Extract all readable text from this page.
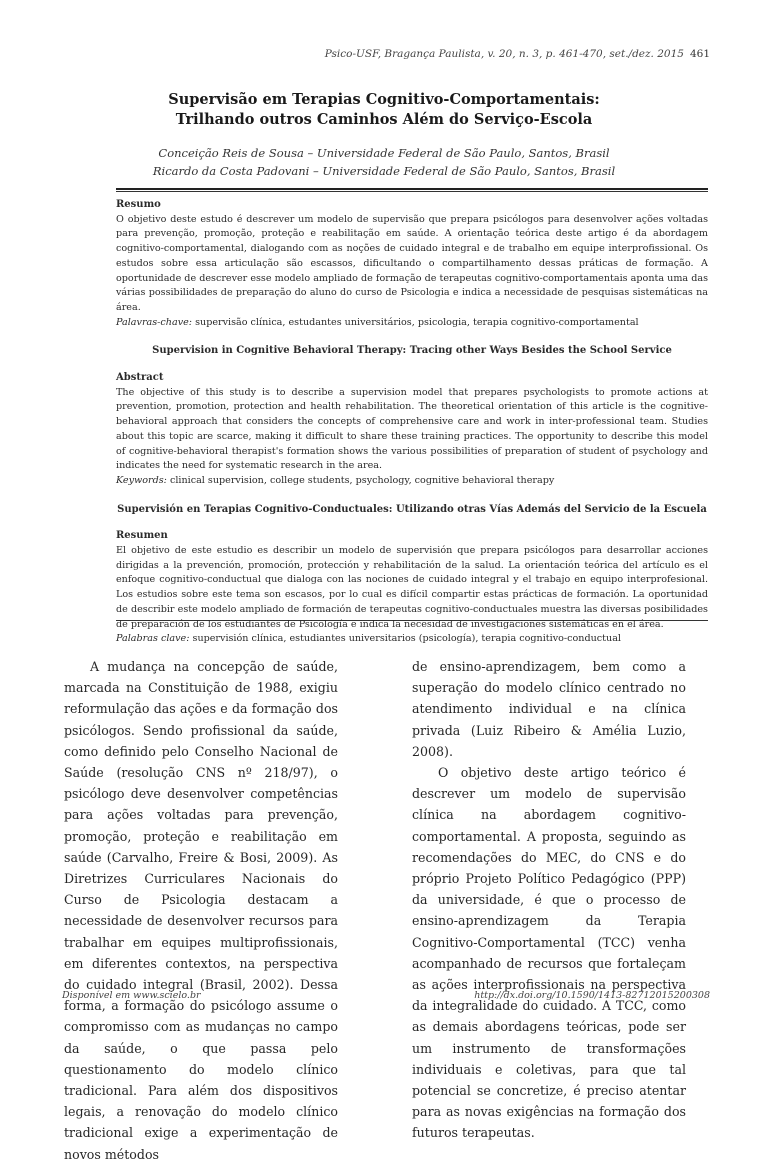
Psico-USF, Bragança Paulista, v. 20, n. 3, p. 461-470, set./dez. 2015 461
Supervisão em Terapias Cognitivo-Comportamentais:
Trilhando outros Caminhos Além do Serviço-Escola
Conceição Reis de Sousa – Universidade Federal de São Paulo, Santos, Brasil
Ricardo da Costa Padovani – Universidade Federal de São Paulo, Santos, Brasil
Resumo

O objetivo deste estudo é descrever um modelo de supervisão que prepara psicólogos para desenvolver ações voltadas para prevenção, promoção, proteção e reabilitação em saúde. A orientação teórica deste artigo é da abordagem cognitivo-comportamental, dialogando com as noções de cuidado integral e de trabalho em equipe interprofissional. Os estudos sobre essa articulação são escassos, dificultando o compartilhamento dessas práticas de formação. A oportunidade de descrever esse modelo ampliado de formação de terapeutas cognitivo-comportamentais aponta uma das várias possibilidades de preparação do aluno do curso de Psicologia e indica a necessidade de pesquisas sistemáticas na área.

Palavras-chave: supervisão clínica, estudantes universitários, psicologia, terapia cognitivo-comportamental

Supervision in Cognitive Behavioral Therapy: Tracing other Ways Besides the School Service
Abstract

The objective of this study is to describe a supervision model that prepares psychologists to promote actions at prevention, promotion, protection and health rehabilitation. The theoretical orientation of this article is the cognitive-behavioral approach that considers the concepts of comprehensive care and work in inter-professional team. Studies about this topic are scarce, making it difficult to share these training practices. The opportunity to describe this model of cognitive-behavioral therapist's formation shows the various possibilities of preparation of student of psychology and indicates the need for systematic research in the area.

Keywords: clinical supervision, college students, psychology, cognitive behavioral therapy

Supervisión en Terapias Cognitivo-Conductuales: Utilizando otras Vías Además del Servicio de la Escuela
Resumen

El objetivo de este estudio es describir un modelo de supervisión que prepara psicólogos para desarrollar acciones dirigidas a la prevención, promoción, protección y rehabilitación de la salud. La orientación teórica del artículo es el enfoque cognitivo-conductual que dialoga con las nociones de cuidado integral y el trabajo en equipo interprofesional. Los estudios sobre este tema son escasos, por lo cual es difícil compartir estas prácticas de formación. La oportunidad de describir este modelo ampliado de formación de terapeutas cognitivo-conductuales muestra las diversas posibilidades de preparación de los estudiantes de Psicología e indica la necesidad de investigaciones sistemáticas en el área.

Palabras clave: supervisión clínica, estudiantes universitarios (psicología), terapia cognitivo-conductual

A mudança na concepção de saúde, marcada na Constituição de 1988, exigiu reformulação das ações e da formação dos psicólogos. Sendo profissional da saúde, como definido pelo Conselho Nacional de Saúde (resolução CNS nº 218/97), o psicólogo deve desenvolver competências para ações voltadas para prevenção, promoção, proteção e reabilitação em saúde (Carvalho, Freire & Bosi, 2009). As Diretrizes Curriculares Nacionais do Curso de Psicologia destacam a necessidade de desenvolver recursos para trabalhar em equipes multiprofissionais, em diferentes contextos, na perspectiva do cuidado integral (Brasil, 2002). Dessa forma, a formação do psicólogo assume o compromisso com as mudanças no campo da saúde, o que passa pelo questionamento do modelo clínico tradicional. Para além dos dispositivos legais, a renovação do modelo clínico tradicional exige a experimentação de novos métodos

de ensino-aprendizagem, bem como a superação do modelo clínico centrado no atendimento individual e na clínica privada (Luiz Ribeiro & Amélia Luzio, 2008).

O objetivo deste artigo teórico é descrever um modelo de supervisão clínica na abordagem cognitivo-comportamental. A proposta, seguindo as recomendações do MEC, do CNS e do próprio Projeto Político Pedagógico (PPP) da universidade, é que o processo de ensino-aprendizagem da Terapia Cognitivo-Comportamental (TCC) venha acompanhado de recursos que fortaleçam as ações interprofissionais na perspectiva da integralidade do cuidado. A TCC, como as demais abordagens teóricas, pode ser um instrumento de transformações individuais e coletivas, para que tal potencial se concretize, é preciso atentar para as novas exigências na formação dos futuros terapeutas.

Disponível em www.scielo.br	http://dx.doi.org/10.1590/1413-82712015200308
